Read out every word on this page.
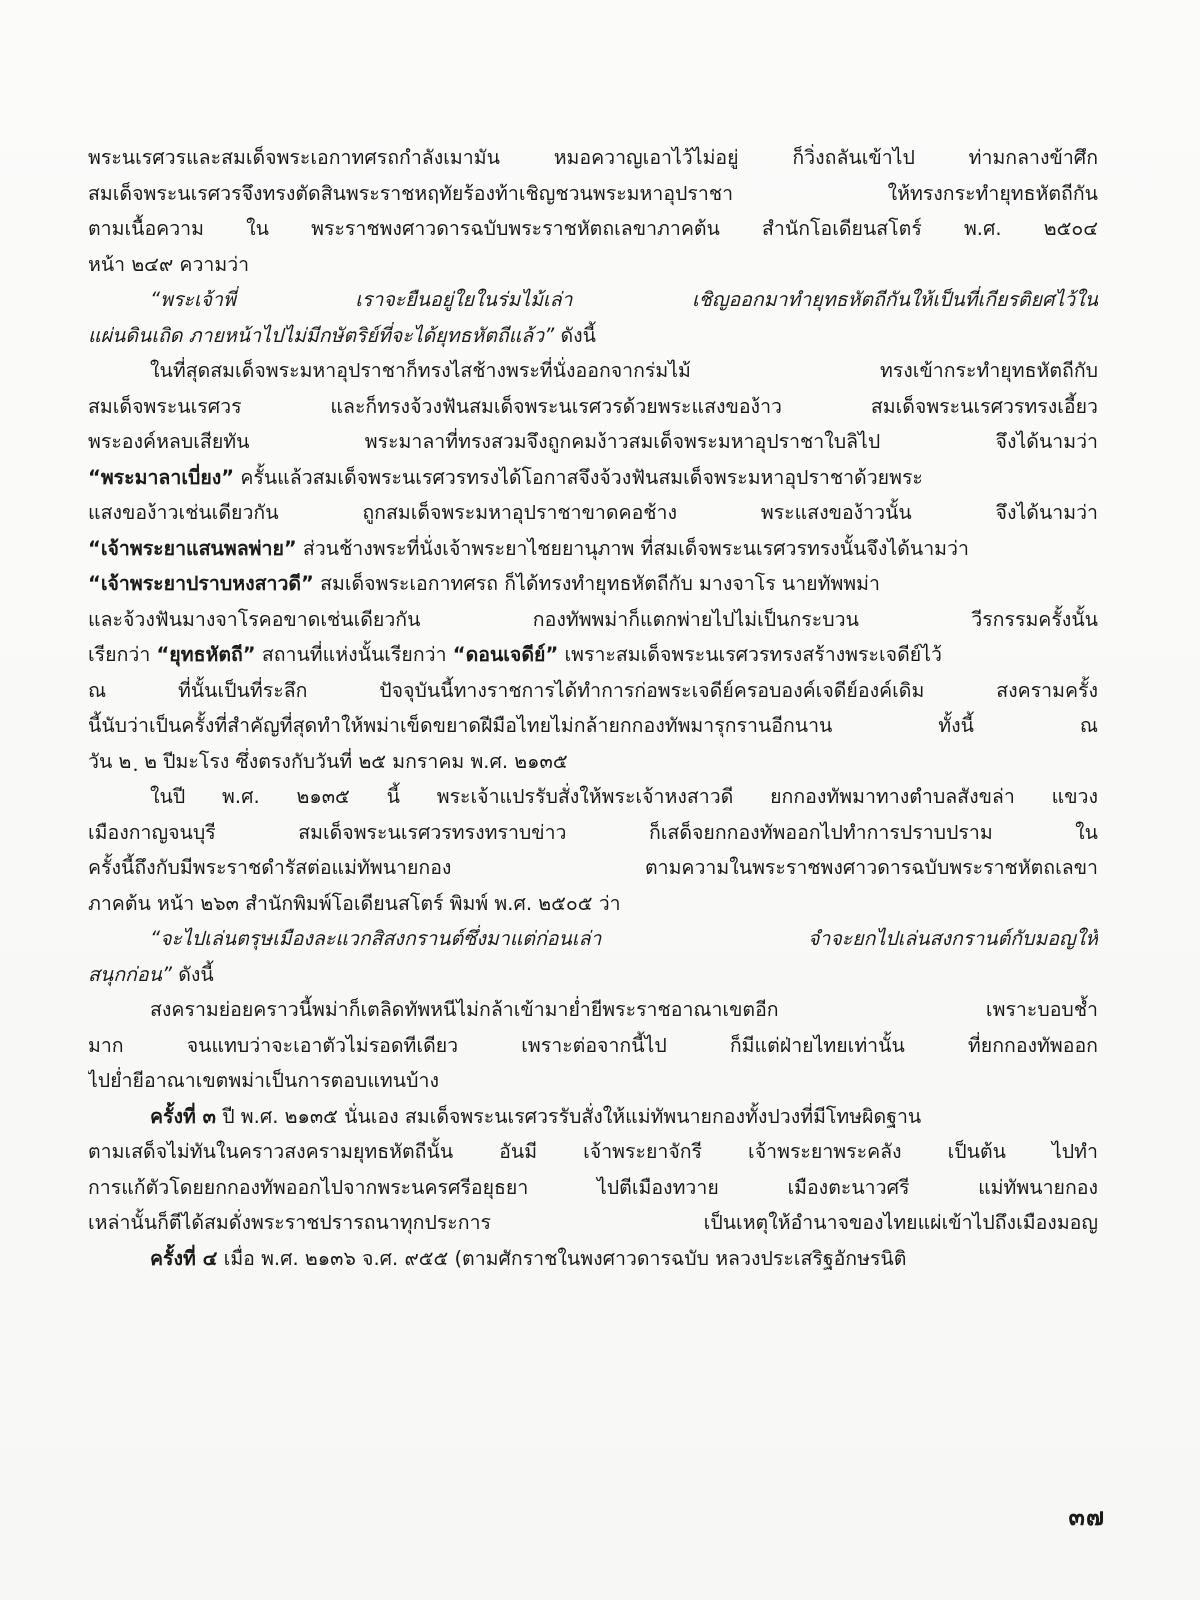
พระนเรศวรและสมเด็จพระเอกาทศรถกำลังเมามัน หมอควาญเอาไว้ไม่อยู่ ก็วิ่งถลันเข้าไป ท่ามกลางข้าศึก
สมเด็จพระนเรศวรจึงทรงตัดสินพระราชหฤทัยร้องท้าเชิญชวนพระมหาอุปราชา ให้ทรงกระทำยุทธหัตถีกัน
ตามเนื้อความ ใน พระราชพงศาวดารฉบับพระราชหัตถเลขาภาคต้น สำนักโอเดียนสโตร์ พ.ศ. ๒๕๐๔
หน้า ๒๔๙ ความว่า
“พระเจ้าพี่ เราจะยืนอยู่ใยในร่มไม้เล่า เชิญออกมาทำยุทธหัตถีกันให้เป็นที่เกียรติยศไว้ใน
แผ่นดินเถิด ภายหน้าไปไม่มีกษัตริย์ที่จะได้ยุทธหัตถีแล้ว” ดังนี้
ในที่สุดสมเด็จพระมหาอุปราชาก็ทรงไสช้างพระที่นั่งออกจากร่มไม้ ทรงเข้ากระทำยุทธหัตถีกับ
สมเด็จพระนเรศวร และก็ทรงจ้วงฟันสมเด็จพระนเรศวรด้วยพระแสงของ้าว สมเด็จพระนเรศวรทรงเอี้ยว
พระองค์หลบเสียทัน พระมาลาที่ทรงสวมจึงถูกคมง้าวสมเด็จพระมหาอุปราชาใบลิไป จึงได้นามว่า
“พระมาลาเบี่ยง” ครั้นแล้วสมเด็จพระนเรศวรทรงได้โอกาสจึงจ้วงฟันสมเด็จพระมหาอุปราชาด้วยพระ
แสงของ้าวเช่นเดียวกัน ถูกสมเด็จพระมหาอุปราชาขาดคอช้าง พระแสงของ้าวนั้น จึงได้นามว่า
“เจ้าพระยาแสนพลพ่าย” ส่วนช้างพระที่นั่งเจ้าพระยาไชยยานุภาพ ที่สมเด็จพระนเรศวรทรงนั้นจึงได้นามว่า
“เจ้าพระยาปราบหงสาวดี” สมเด็จพระเอกาทศรถ ก็ได้ทรงทำยุทธหัตถีกับ มางจาโร นายทัพพม่า
และจ้วงฟันมางจาโรคอขาดเช่นเดียวกัน กองทัพพม่าก็แตกพ่ายไปไม่เป็นกระบวน วีรกรรมครั้งนั้น
เรียกว่า “ยุทธหัตถี” สถานที่แห่งนั้นเรียกว่า “ดอนเจดีย์” เพราะสมเด็จพระนเรศวรทรงสร้างพระเจดีย์ไว้
ณ ที่นั้นเป็นที่ระลึก ปัจจุบันนี้ทางราชการได้ทำการก่อพระเจดีย์ครอบองค์เจดีย์องค์เดิม สงครามครั้ง
นี้นับว่าเป็นครั้งที่สำคัญที่สุดทำให้พม่าเข็ดขยาดฝีมือไทยไม่กล้ายกกองทัพมารุกรานอีกนาน ทั้งนี้ ณ
วัน ๒ ฺ ๒ ปีมะโรง ซึ่งตรงกับวันที่ ๒๕ มกราคม พ.ศ. ๒๑๓๕
ในปี พ.ศ. ๒๑๓๕ นี้ พระเจ้าแปรรับสั่งให้พระเจ้าหงสาวดี ยกกองทัพมาทางตำบลสังขล่า แขวง
เมืองกาญจนบุรี สมเด็จพระนเรศวรทรงทราบข่าว ก็เสด็จยกกองทัพออกไปทำการปราบปราม ใน
ครั้งนี้ถึงกับมีพระราชดำรัสต่อแม่ทัพนายกอง ตามความในพระราชพงศาวดารฉบับพระราชหัตถเลขา
ภาคต้น หน้า ๒๖๓ สำนักพิมพ์โอเดียนสโตร์ พิมพ์ พ.ศ. ๒๕๐๕ ว่า
“จะไปเล่นตรุษเมืองละแวกสิสงกรานต์ซึ่งมาแต่ก่อนเล่า จำจะยกไปเล่นสงกรานต์กับมอญให้
สนุกก่อน” ดังนี้
สงครามย่อยคราวนี้พม่าก็เตลิดทัพหนีไม่กล้าเข้ามาย่ำยีพระราชอาณาเขตอีก เพราะบอบช้ำ
มาก จนแทบว่าจะเอาตัวไม่รอดทีเดียว เพราะต่อจากนี้ไป ก็มีแต่ฝ่ายไทยเท่านั้น ที่ยกกองทัพออก
ไปย่ำยีอาณาเขตพม่าเป็นการตอบแทนบ้าง
ครั้งที่ ๓ ปี พ.ศ. ๒๑๓๕ นั่นเอง สมเด็จพระนเรศวรรับสั่งให้แม่ทัพนายกองทั้งปวงที่มีโทษผิดฐาน
ตามเสด็จไม่ทันในคราวสงครามยุทธหัตถีนั้น อันมี เจ้าพระยาจักรี เจ้าพระยาพระคลัง เป็นต้น ไปทำ
การแก้ตัวโดยยกกองทัพออกไปจากพระนครศรีอยุธยา ไปตีเมืองทวาย เมืองตะนาวศรี แม่ทัพนายกอง
เหล่านั้นก็ตีได้สมดั่งพระราชปรารถนาทุกประการ เป็นเหตุให้อำนาจของไทยแผ่เข้าไปถึงเมืองมอญ
ครั้งที่ ๔ เมื่อ พ.ศ. ๒๑๓๖ จ.ศ. ๙๕๕ (ตามศักราชในพงศาวดารฉบับ หลวงประเสริฐอักษรนิติ
๓๗
